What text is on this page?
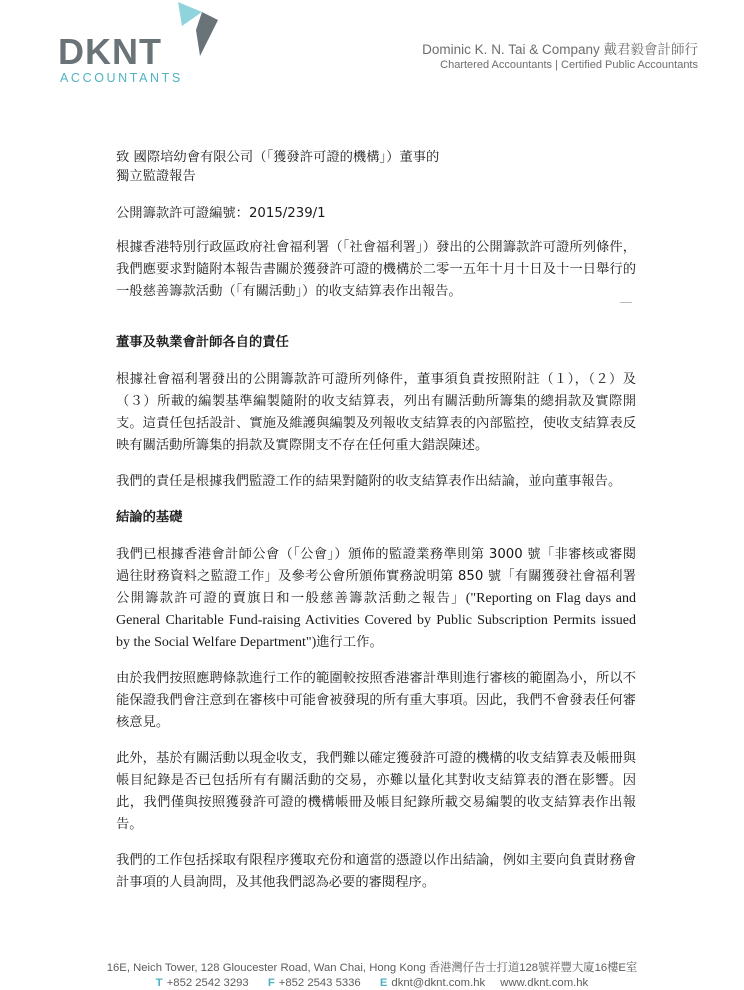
DKNT
ACCOUNTANTS
Dominic K. N. Tai & Company 戴君毅會計師行
Chartered Accountants | Certified Public Accountants

致 國際培幼會有限公司（「獲發許可證的機構」）董事的

獨立監證報告

公開籌款許可證編號：2015/239/1

根據香港特別行政區政府社會福利署（「社會福利署」）發出的公開籌款許可證所列條件，我們應要求對隨附本報告書關於獲發許可證的機構於二零一五年十月十日及十一日舉行的一般慈善籌款活動（「有關活動」）的收支結算表作出報告。

董事及執業會計師各自的責任

根據社會福利署發出的公開籌款許可證所列條件，董事須負責按照附註（１），（２）及（３）所載的編製基準編製隨附的收支結算表，列出有關活動所籌集的總捐款及實際開支。這責任包括設計、實施及維護與編製及列報收支結算表的內部監控，使收支結算表反映有關活動所籌集的捐款及實際開支不存在任何重大錯誤陳述。

我們的責任是根據我們監證工作的結果對隨附的收支結算表作出結論，並向董事報告。

結論的基礎

我們已根據香港會計師公會（「公會」）頒佈的監證業務準則第 3000 號「非審核或審閱過往財務資料之監證工作」及參考公會所頒佈實務說明第 850 號「有關獲發社會福利署公開籌款許可證的賣旗日和一般慈善籌款活動之報告」("Reporting on Flag days and General Charitable Fund-raising Activities Covered by Public Subscription Permits issued by the Social Welfare Department")進行工作。

由於我們按照應聘條款進行工作的範圍較按照香港審計準則進行審核的範圍為小，所以不能保證我們會注意到在審核中可能會被發現的所有重大事項。因此，我們不會發表任何審核意見。

此外，基於有關活動以現金收支，我們難以確定獲發許可證的機構的收支結算表及帳冊與帳目紀錄是否已包括所有有關活動的交易，亦難以量化其對收支結算表的潛在影響。因此，我們僅與按照獲發許可證的機構帳冊及帳目紀錄所載交易編製的收支結算表作出報告。

我們的工作包括採取有限程序獲取充份和適當的憑證以作出結論，例如主要向負責財務會計事項的人員詢問，及其他我們認為必要的審閱程序。

16E, Neich Tower, 128 Gloucester Road, Wan Chai, Hong Kong 香港灣仔告士打道128號祥豐大廈16樓E室
T +852 2542 3293 F +852 2543 5336 E dknt@dknt.com.hk www.dknt.com.hk
